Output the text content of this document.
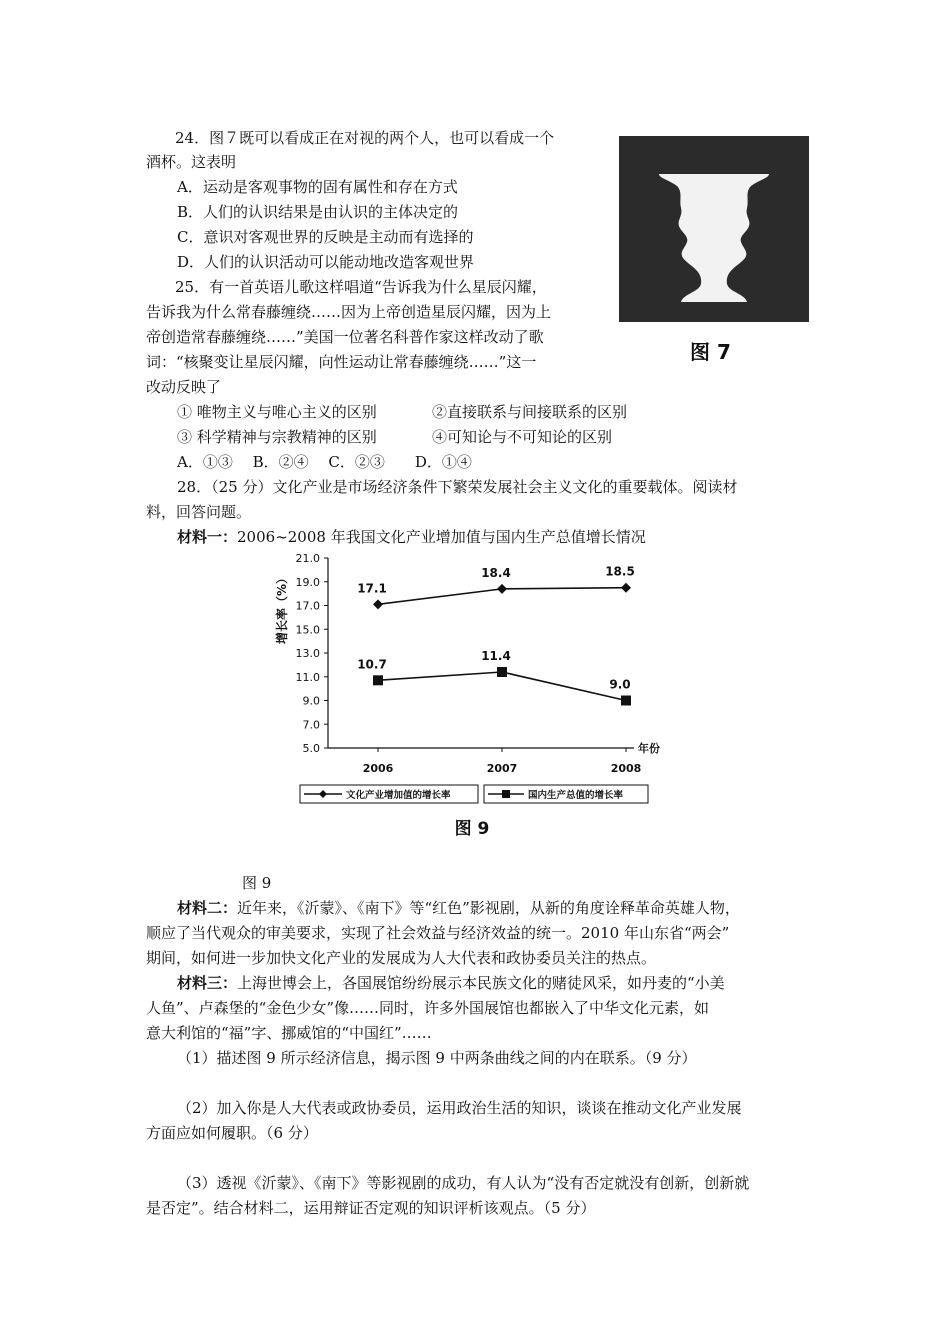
24．图７既可以看成正在对视的两个人，也可以看成一个
酒杯。这表明
A．运动是客观事物的固有属性和存在方式
B．人们的认识结果是由认识的主体决定的
C．意识对客观世界的反映是主动而有选择的
D．人们的认识活动可以能动地改造客观世界
图 7
25．有一首英语儿歌这样唱道“告诉我为什么星辰闪耀，
告诉我为什么常春藤缠绕……因为上帝创造星辰闪耀，因为上
帝创造常春藤缠绕……”美国一位著名科普作家这样改动了歌
词：“核聚变让星辰闪耀，向性运动让常春藤缠绕……”这一
改动反映了
① 唯物主义与唯心主义的区别	②直接联系与间接联系的区别
③ 科学精神与宗教精神的区别	④可知论与不可知论的区别
A．①③　 B．②④　 C．②③　　D．①④
28．（25 分）文化产业是市场经济条件下繁荣发展社会主义文化的重要载体。阅读材
料，回答问题。
材料一：2006~2008 年我国文化产业增加值与国内生产总值增长情况
5.0
7.0
9.0
11.0
13.0
15.0
17.0
19.0
21.0
2006	2007	2008
年份
增长率（%）	17.1
18.4	18.5
10.7
11.4
9.0
文化产业增加值的增长率	国内生产总值的增长率
图 9
图 9
材料二：近年来，《沂蒙》、《南下》等“红色”影视剧，从新的角度诠释革命英雄人物，
顺应了当代观众的审美要求，实现了社会效益与经济效益的统一。2010 年山东省“两会”
期间，如何进一步加快文化产业的发展成为人大代表和政协委员关注的热点。
材料三：上海世博会上，各国展馆纷纷展示本民族文化的赌徒风采，如丹麦的“小美
人鱼”、卢森堡的“金色少女”像……同时，许多外国展馆也都嵌入了中华文化元素，如
意大利馆的“福”字、挪威馆的“中国红”……
（1）描述图 9 所示经济信息，揭示图 9 中两条曲线之间的内在联系。（9 分）
（2）加入你是人大代表或政协委员，运用政治生活的知识，谈谈在推动文化产业发展
方面应如何履职。（6 分）
（3）透视《沂蒙》、《南下》等影视剧的成功，有人认为“没有否定就没有创新，创新就
是否定”。结合材料二，运用辩证否定观的知识评析该观点。（5 分）
